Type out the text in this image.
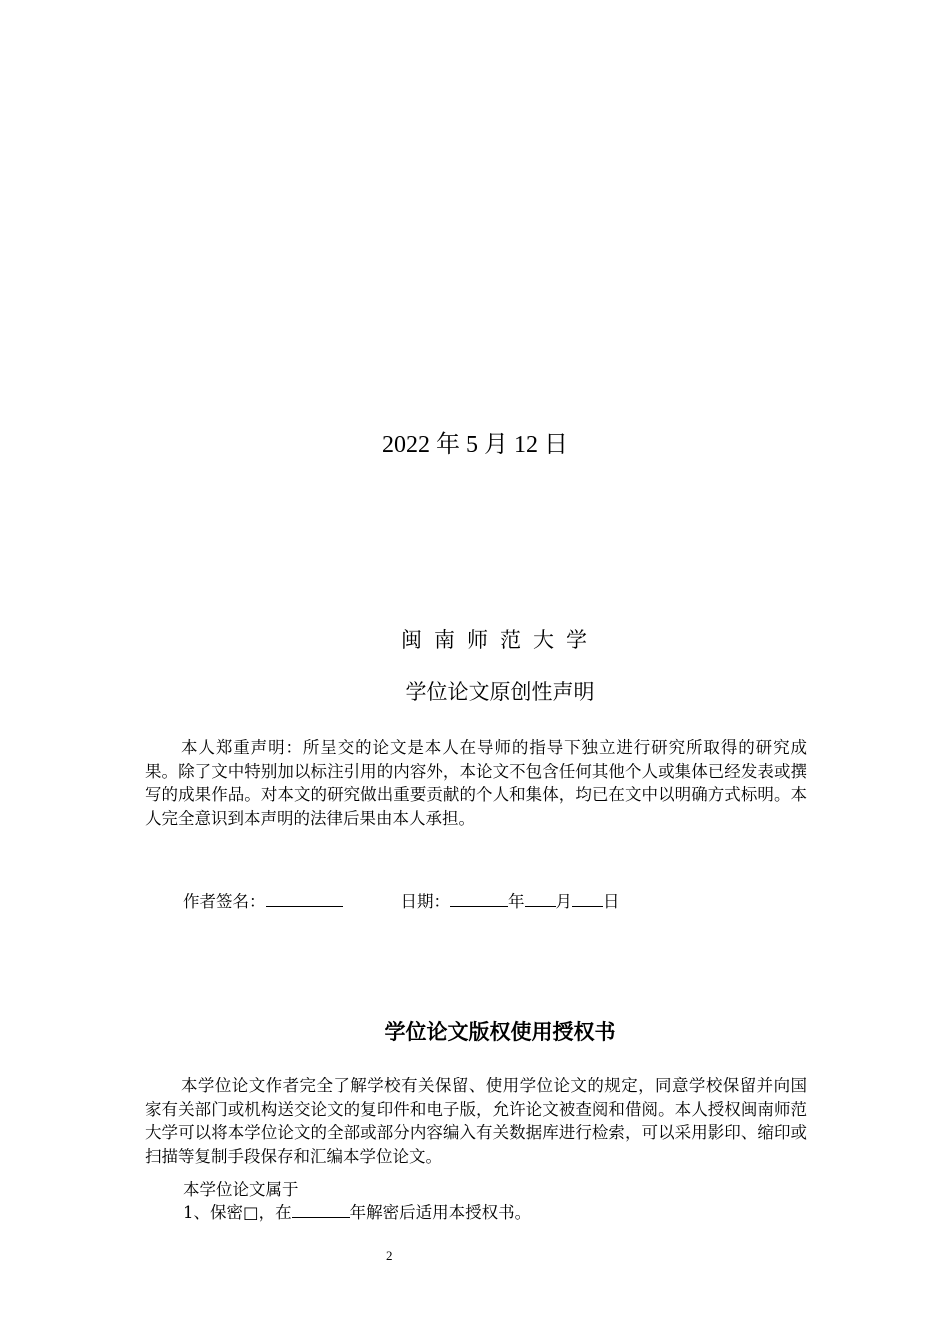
2022 年 5 月 12 日
闽南师范大学
学位论文原创性声明
本人郑重声明：所呈交的论文是本人在导师的指导下独立进行研究所取得的研究成果。除了文中特别加以标注引用的内容外，本论文不包含任何其他个人或集体已经发表或撰写的成果作品。对本文的研究做出重要贡献的个人和集体，均已在文中以明确方式标明。本人完全意识到本声明的法律后果由本人承担。
作者签名：	日期：	年 月 日
学位论文版权使用授权书
本学位论文作者完全了解学校有关保留、使用学位论文的规定，同意学校保留并向国家有关部门或机构送交论文的复印件和电子版，允许论文被查阅和借阅。本人授权闽南师范大学可以将本学位论文的全部或部分内容编入有关数据库进行检索，可以采用影印、缩印或扫描等复制手段保存和汇编本学位论文。
本学位论文属于
1、保密□，在	年解密后适用本授权书。
2
